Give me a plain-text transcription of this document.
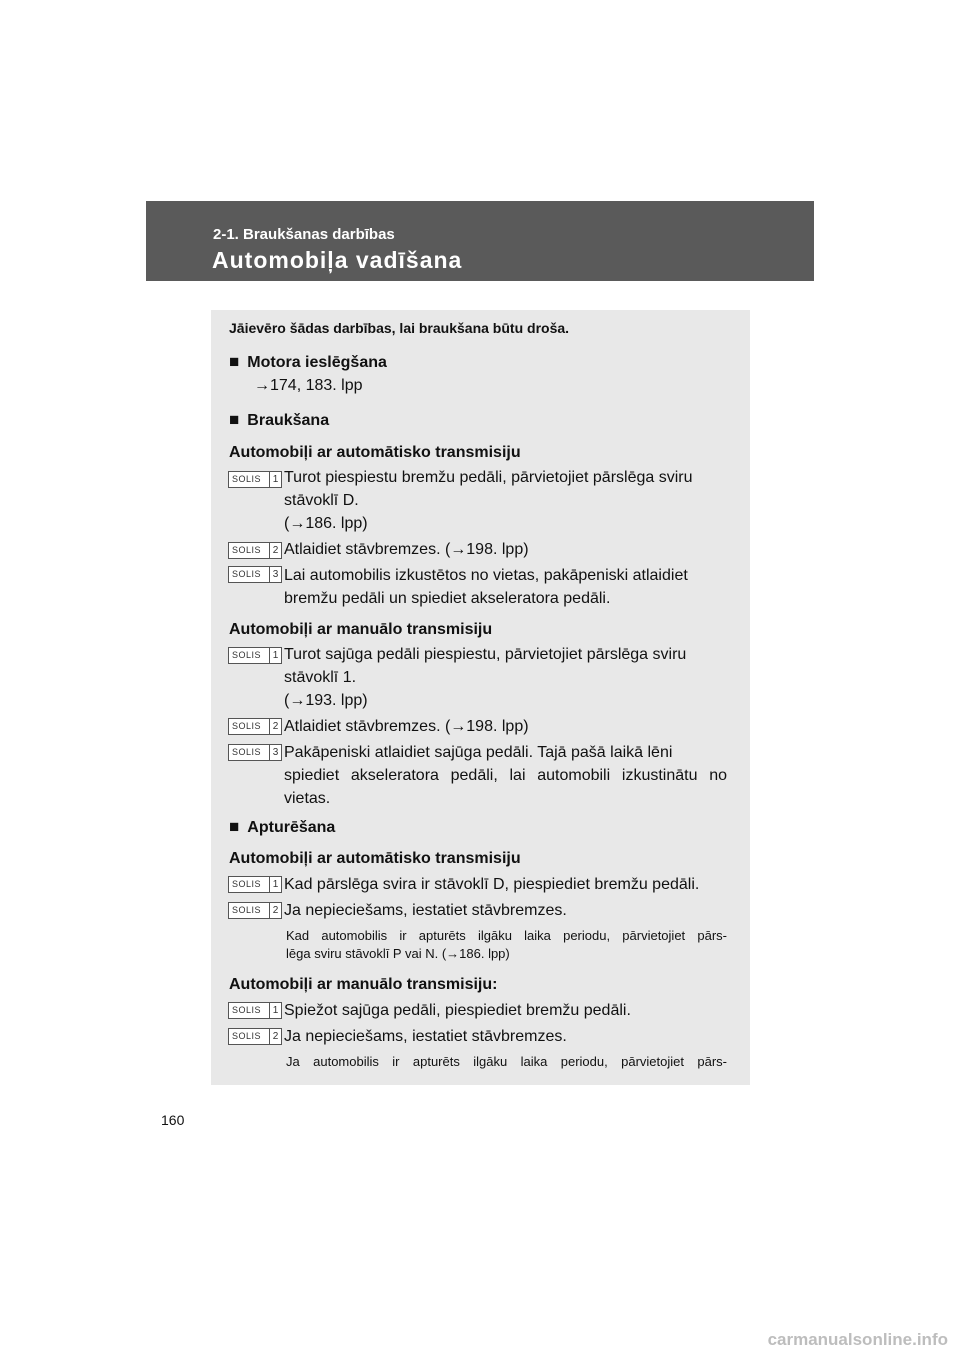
2-1. Braukšanas darbības
Automobiļa vadīšana
Jāievēro šādas darbības, lai braukšana būtu droša.
■ Motora ieslēgšana
→174, 183. lpp
■ Braukšana
Automobiļi ar automātisko transmisiju
SOLIS	1 Turot piespiestu bremžu pedāli, pārvietojiet pārslēga sviru
stāvoklī D.
(→186. lpp)
SOLIS	2 Atlaidiet stāvbremzes. (→198. lpp)
SOLIS	3 Lai automobilis izkustētos no vietas, pakāpeniski atlaidiet
bremžu pedāli un spiediet akseleratora pedāli.
Automobiļi ar manuālo transmisiju
SOLIS	1 Turot sajūga pedāli piespiestu, pārvietojiet pārslēga sviru
stāvoklī 1.
(→193. lpp)
SOLIS	2 Atlaidiet stāvbremzes. (→198. lpp)
SOLIS	3 Pakāpeniski atlaidiet sajūga pedāli. Tajā pašā laikā lēni
spiediet akseleratora pedāli, lai automobili izkustinātu no
vietas.
■ Apturēšana
Automobiļi ar automātisko transmisiju
SOLIS	1 Kad pārslēga svira ir stāvoklī D, piespiediet bremžu pedāli.
SOLIS	2 Ja nepieciešams, iestatiet stāvbremzes.
Kad automobilis ir apturēts ilgāku laika periodu, pārvietojiet pārs-
lēga sviru stāvoklī P vai N. (→186. lpp)
Automobiļi ar manuālo transmisiju:
SOLIS	1 Spiežot sajūga pedāli, piespiediet bremžu pedāli.
SOLIS	2 Ja nepieciešams, iestatiet stāvbremzes.
Ja automobilis ir apturēts ilgāku laika periodu, pārvietojiet pārs-
160
carmanualsonline.info
